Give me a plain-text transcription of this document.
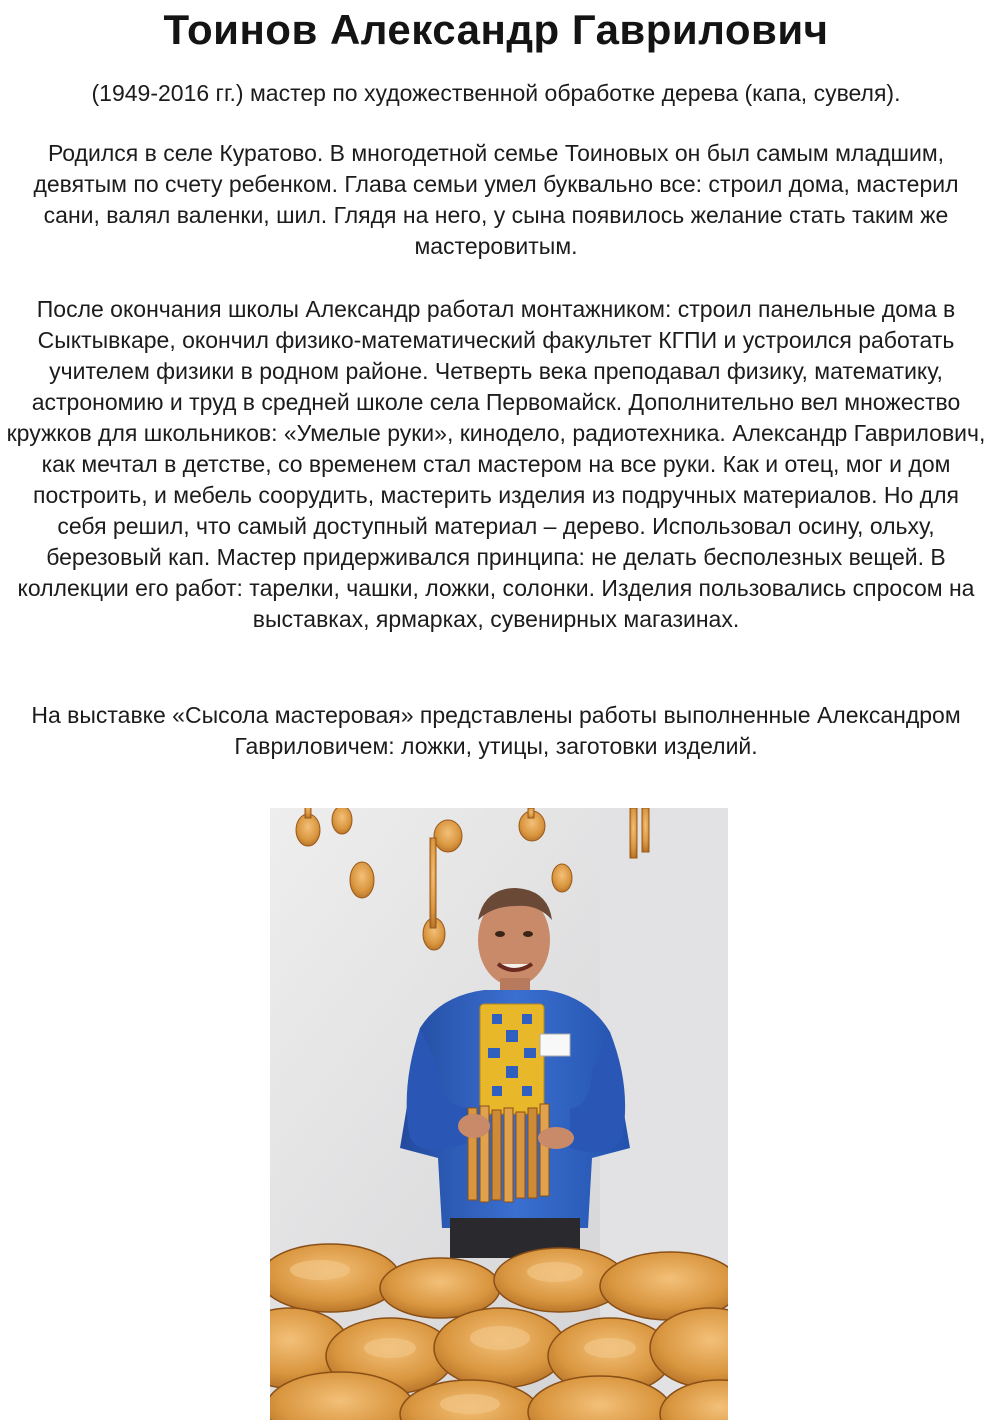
Тоинов Александр Гаврилович
(1949-2016 гг.) мастер по художественной обработке дерева (капа, сувеля).
Родился в селе Куратово. В многодетной семье Тоиновых он был самым младшим, девятым по счету ребенком. Глава семьи умел буквально все: строил дома, мастерил сани, валял валенки, шил. Глядя на него, у сына появилось желание стать таким же мастеровитым.
После окончания школы Александр работал монтажником: строил панельные дома в Сыктывкаре, окончил физико-математический факультет КГПИ и устроился работать учителем физики в родном районе. Четверть века преподавал физику, математику, астрономию и труд в средней школе села Первомайск. Дополнительно вел множество кружков для школьников: «Умелые руки», кинодело, радиотехника. Александр Гаврилович, как мечтал в детстве, со временем стал мастером на все руки. Как и отец, мог и дом построить, и мебель соорудить, мастерить изделия из подручных материалов. Но для себя решил, что самый доступный материал – дерево. Использовал осину, ольху, березовый кап. Мастер придерживался принципа: не делать бесполезных вещей. В коллекции его работ: тарелки, чашки, ложки, солонки. Изделия пользовались спросом на выставках, ярмарках, сувенирных магазинах.
На выставке «Сысола мастеровая» представлены работы выполненные Александром Гавриловичем: ложки, утицы, заготовки изделий.
